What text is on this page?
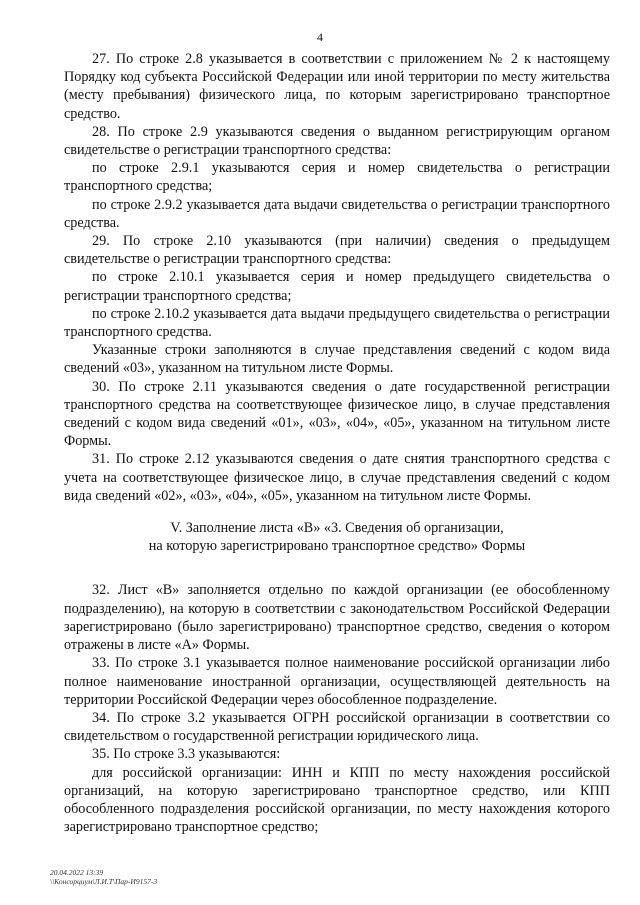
4

27. По строке 2.8 указывается в соответствии с приложением № 2 к настоящему Порядку код субъекта Российской Федерации или иной территории по месту жительства (месту пребывания) физического лица, по которым зарегистрировано транспортное средство.

28. По строке 2.9 указываются сведения о выданном регистрирующим органом свидетельстве о регистрации транспортного средства:

по строке 2.9.1 указываются серия и номер свидетельства о регистрации транспортного средства;

по строке 2.9.2 указывается дата выдачи свидетельства о регистрации транспортного средства.

29. По строке 2.10 указываются (при наличии) сведения о предыдущем свидетельстве о регистрации транспортного средства:

по строке 2.10.1 указывается серия и номер предыдущего свидетельства о регистрации транспортного средства;

по строке 2.10.2 указывается дата выдачи предыдущего свидетельства о регистрации транспортного средства.

Указанные строки заполняются в случае представления сведений с кодом вида сведений «03», указанном на титульном листе Формы.

30. По строке 2.11 указываются сведения о дате государственной регистрации транспортного средства на соответствующее физическое лицо, в случае представления сведений с кодом вида сведений «01», «03», «04», «05», указанном на титульном листе Формы.

31. По строке 2.12 указываются сведения о дате снятия транспортного средства с учета на соответствующее физическое лицо, в случае представления сведений с кодом вида сведений «02», «03», «04», «05», указанном на титульном листе Формы.

V. Заполнение листа «В» «3. Сведения об организации,
на которую зарегистрировано транспортное средство» Формы

32. Лист «В» заполняется отдельно по каждой организации (ее обособленному подразделению), на которую в соответствии с законодательством Российской Федерации зарегистрировано (было зарегистрировано) транспортное средство, сведения о котором отражены в листе «А» Формы.

33. По строке 3.1 указывается полное наименование российской организации либо полное наименование иностранной организации, осуществляющей деятельность на территории Российской Федерации через обособленное подразделение.

34. По строке 3.2 указывается ОГРН российской организации в соответствии со свидетельством о государственной регистрации юридического лица.

35. По строке 3.3 указываются:

для российской организации: ИНН и КПП по месту нахождения российской организаций, на которую зарегистрировано транспортное средство, или КПП обособленного подразделения российской организации, по месту нахождения которого зарегистрировано транспортное средство;

20.04.2022 13:39
\\Консорциум\Л.И.Т\Пар-И9157-3
